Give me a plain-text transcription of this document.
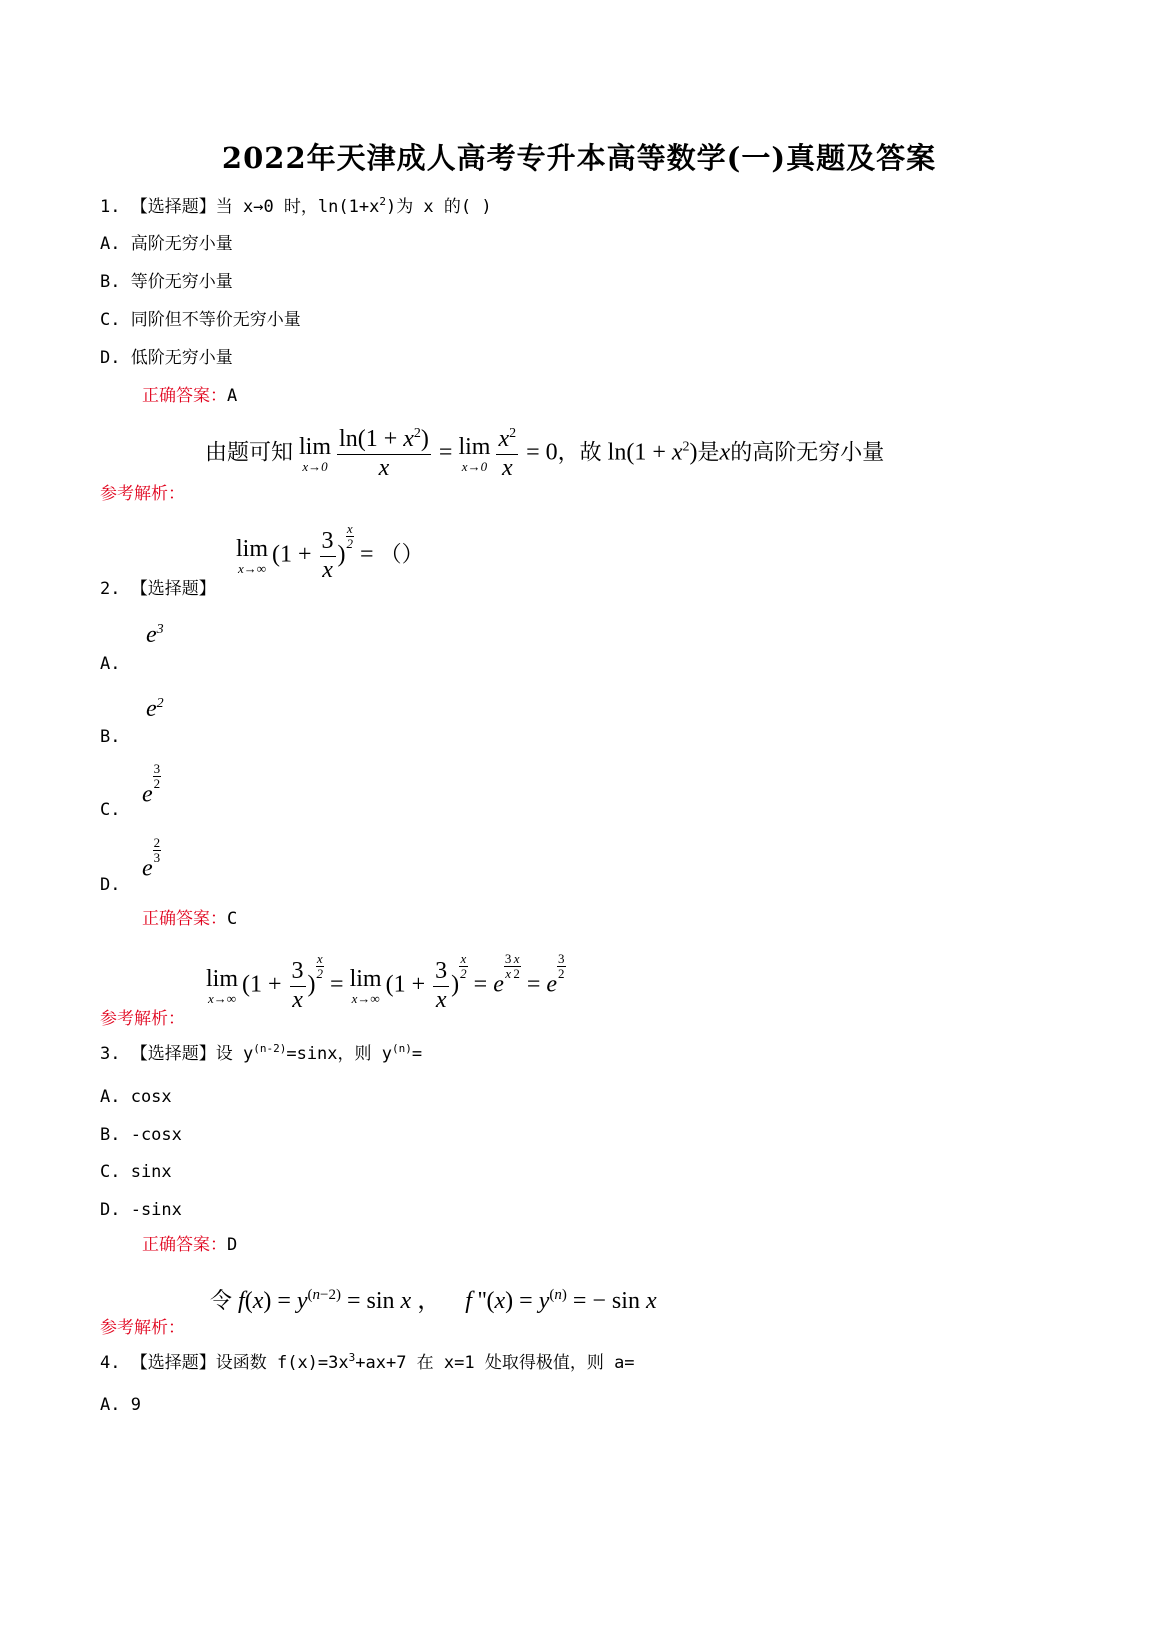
2022年天津成人高考专升本高等数学(一)真题及答案
1. 【选择题】当 x→0 时，$\ln(1+x^2)$为 x 的( )
A. 高阶无穷小量
B. 等价无穷小量
C. 同阶但不等价无穷小量
D. 低阶无穷小量
正确答案：A
由题可知 lim
$x\to 0 \frac{\ln(1 + x^2)}{x} = \lim$
$x\to 0 \frac{x^2}{x} = 0$，故 $\ln(1 + x^2)$是x的高阶无穷小量
参考解析：
lim
x→∞
($1 + \frac{3}{x}$ )
$\frac{x}{2}$
= （）
2. 【选择题】
$e^3$
A.
$e^2$
B.
e
$\frac{3}{2}$
C.
e
$\frac{2}{3}$
D.
正确答案：C
lim
x→∞
($1 + \frac{3}{x}$ )
$\frac{x}{2}$
= lim
x→∞
($1 + \frac{3}{x}$ )
$\frac{x}{2}$
= e
$\frac{3}{x} \frac{x}{2}$
= e
$\frac{3}{2}$
参考解析：
3. 【选择题】设 $y^{(n-2)}=\sin x$，则 $y^{(n)}=$
A. cosx
B. -cosx
C. sinx
D. -sinx
正确答案：D
令 $f(x) = y^{(n-2)} = \sin x$ ， f ''$(x) = y^{(n)}$ = − sin x
参考解析：
4. 【选择题】设函数 $f(x)=3x^3+ax+7$ 在 x=1 处取得极值，则 a=
A. 9
